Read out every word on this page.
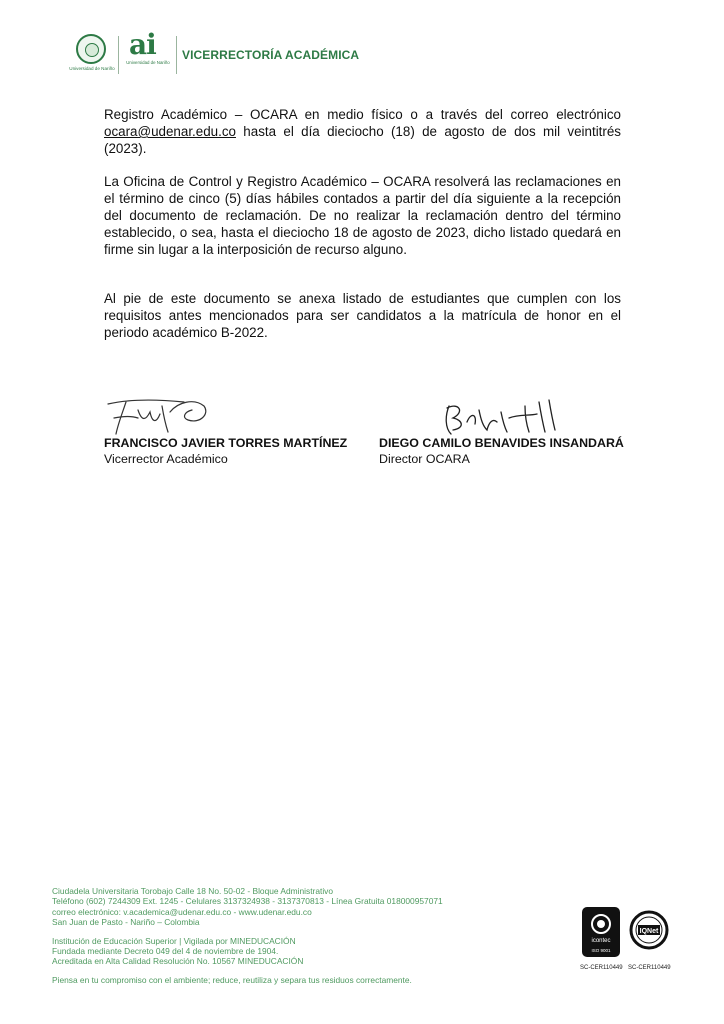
Universidad de Nariño
ai
Universidad de Nariño
VICERRECTORÍA ACADÉMICA

Registro Académico – OCARA en medio físico o a través del correo electrónico ocara@udenar.edu.co hasta el día dieciocho (18) de agosto de dos mil veintitrés (2023).

La Oficina de Control y Registro Académico – OCARA resolverá las reclamaciones en el término de cinco (5) días hábiles contados a partir del día siguiente a la recepción del documento de reclamación. De no realizar la reclamación dentro del término establecido, o sea, hasta el dieciocho 18 de agosto de 2023, dicho listado quedará en firme sin lugar a la interposición de recurso alguno.

Al pie de este documento se anexa listado de estudiantes que cumplen con los requisitos antes mencionados para ser candidatos a la matrícula de honor en el periodo académico B-2022.

FRANCISCO JAVIER TORRES MARTÍNEZ
Vicerrector Académico
DIEGO CAMILO BENAVIDES INSANDARÁ
Director OCARA
Ciudadela Universitaria Torobajo Calle 18 No. 50-02 - Bloque Administrativo
Teléfono (602) 7244309 Ext. 1245 - Celulares 3137324938 - 3137370813 - Línea Gratuita 018000957071
correo electrónico: v.academica@udenar.edu.co - www.udenar.edu.co
San Juan de Pasto - Nariño – Colombia
Institución de Educación Superior | Vigilada por MINEDUCACIÓN
Fundada mediante Decreto 049 del 4 de noviembre de 1904.
Acreditada en Alta Calidad Resolución No. 10567 MINEDUCACIÓN
Piensa en tu compromiso con el ambiente; reduce, reutiliza y separa tus residuos correctamente.
icontec
ISO 9001
SC-CER110449
IQNet
SC-CER110449
